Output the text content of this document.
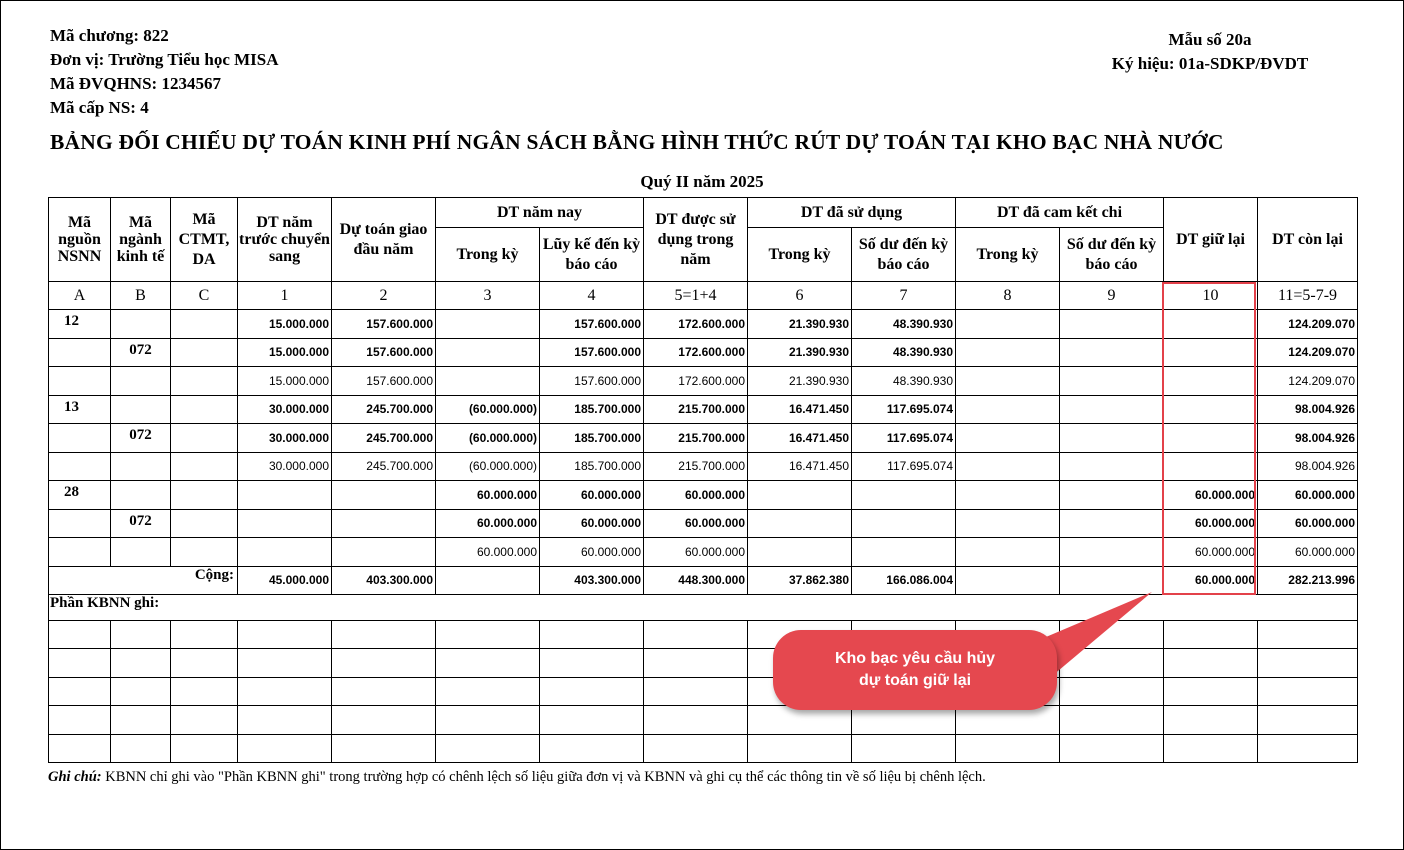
Mã chương: 822
Đơn vị: Trường Tiểu học MISA
Mã ĐVQHNS: 1234567
Mã cấp NS: 4
Mẫu số 20a
Ký hiệu: 01a-SDKP/ĐVDT
BẢNG ĐỐI CHIẾU DỰ TOÁN KINH PHÍ NGÂN SÁCH BẰNG HÌNH THỨC RÚT DỰ TOÁN TẠI KHO BẠC NHÀ NƯỚC
Quý II năm 2025
Mã nguồn NSNN	Mã ngành kinh tế	Mã CTMT, DA	DT năm trước chuyển sang	Dự toán giao đầu năm	DT năm nay		DT được sử dụng trong năm	DT đã sử dụng		DT đã cam kết chi		DT giữ lại	DT còn lại
					Trong kỳ	Lũy kế đến kỳ báo cáo		Trong kỳ	Số dư đến kỳ báo cáo	Trong kỳ	Số dư đến kỳ báo cáo		
A	B	C	1	2	3	4	5=1+4	6	7	8	9	10	11=5-7-9
12			15.000.000	157.600.000		157.600.000	172.600.000	21.390.930	48.390.930				124.209.070
	072		15.000.000	157.600.000		157.600.000	172.600.000	21.390.930	48.390.930				124.209.070
			15.000.000	157.600.000		157.600.000	172.600.000	21.390.930	48.390.930				124.209.070
13			30.000.000	245.700.000	(60.000.000)	185.700.000	215.700.000	16.471.450	117.695.074				98.004.926
	072		30.000.000	245.700.000	(60.000.000)	185.700.000	215.700.000	16.471.450	117.695.074				98.004.926
			30.000.000	245.700.000	(60.000.000)	185.700.000	215.700.000	16.471.450	117.695.074				98.004.926
28					60.000.000	60.000.000	60.000.000					60.000.000	60.000.000
	072				60.000.000	60.000.000	60.000.000					60.000.000	60.000.000
					60.000.000	60.000.000	60.000.000					60.000.000	60.000.000
Cộng:			45.000.000	403.300.000		403.300.000	448.300.000	37.862.380	166.086.004			60.000.000	282.213.996
Phần KBNN ghi:													

Kho bạc yêu cầu hủy
dự toán giữ lại
Ghi chú: KBNN chỉ ghi vào "Phần KBNN ghi" trong trường hợp có chênh lệch số liệu giữa đơn vị và KBNN và ghi cụ thể các thông tin về số liệu bị chênh lệch.
